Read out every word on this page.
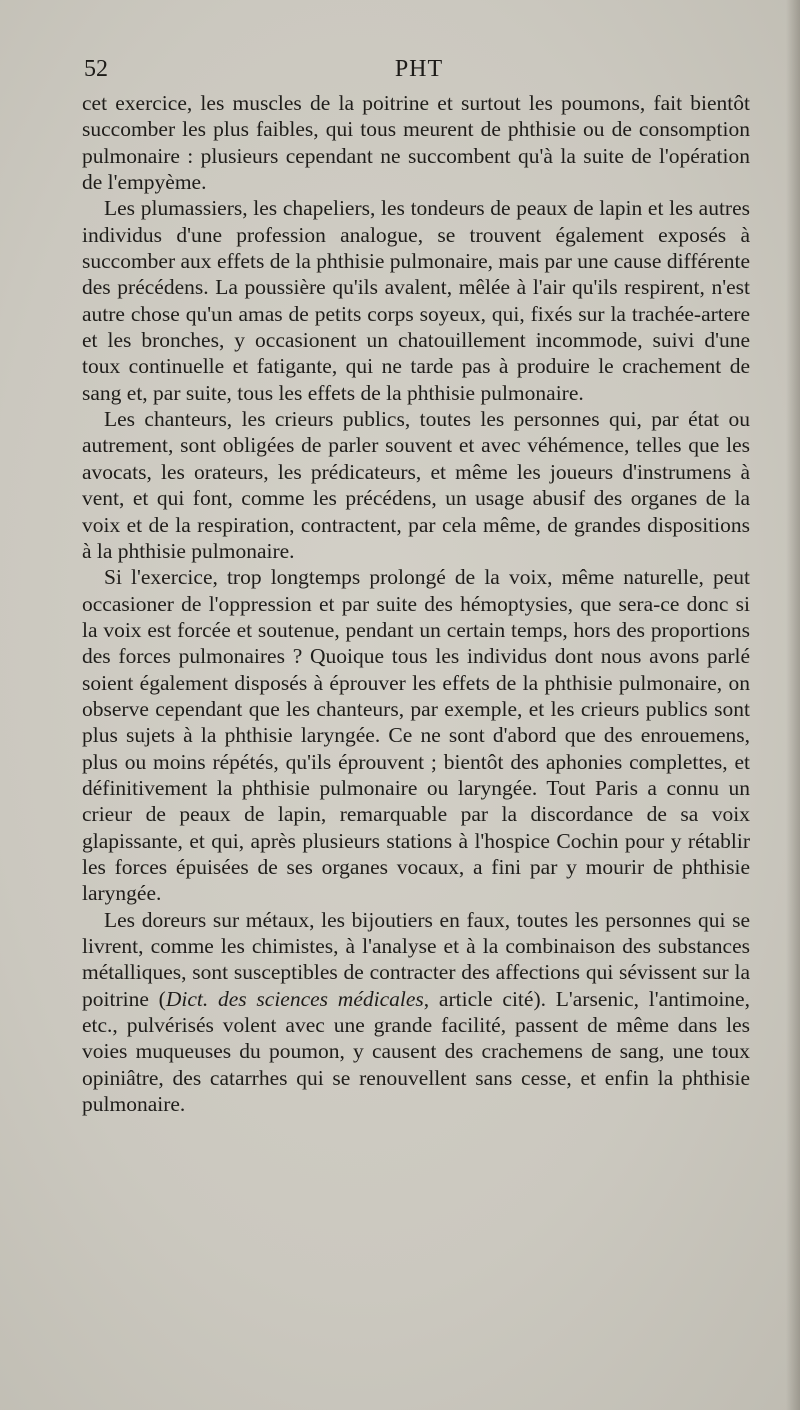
52	PHT

cet exercice, les muscles de la poitrine et surtout les poumons, fait bientôt succomber les plus faibles, qui tous meurent de phthisie ou de consomption pulmonaire : plusieurs cependant ne succombent qu'à la suite de l'opération de l'empyème.

Les plumassiers, les chapeliers, les tondeurs de peaux de lapin et les autres individus d'une profession analogue, se trouvent également exposés à succomber aux effets de la phthisie pulmonaire, mais par une cause différente des précédens. La poussière qu'ils avalent, mêlée à l'air qu'ils respirent, n'est autre chose qu'un amas de petits corps soyeux, qui, fixés sur la trachée-artere et les bronches, y occasionent un chatouillement incommode, suivi d'une toux continuelle et fatigante, qui ne tarde pas à produire le crachement de sang et, par suite, tous les effets de la phthisie pulmonaire.

Les chanteurs, les crieurs publics, toutes les personnes qui, par état ou autrement, sont obligées de parler souvent et avec véhémence, telles que les avocats, les orateurs, les prédicateurs, et même les joueurs d'instrumens à vent, et qui font, comme les précédens, un usage abusif des organes de la voix et de la respiration, contractent, par cela même, de grandes dispositions à la phthisie pulmonaire.

Si l'exercice, trop longtemps prolongé de la voix, même naturelle, peut occasioner de l'oppression et par suite des hémoptysies, que sera-ce donc si la voix est forcée et soutenue, pendant un certain temps, hors des proportions des forces pulmonaires ? Quoique tous les individus dont nous avons parlé soient également disposés à éprouver les effets de la phthisie pulmonaire, on observe cependant que les chanteurs, par exemple, et les crieurs publics sont plus sujets à la phthisie laryngée. Ce ne sont d'abord que des enrouemens, plus ou moins répétés, qu'ils éprouvent ; bientôt des aphonies complettes, et définitivement la phthisie pulmonaire ou laryngée. Tout Paris a connu un crieur de peaux de lapin, remarquable par la discordance de sa voix glapissante, et qui, après plusieurs stations à l'hospice Cochin pour y rétablir les forces épuisées de ses organes vocaux, a fini par y mourir de phthisie laryngée.

Les doreurs sur métaux, les bijoutiers en faux, toutes les personnes qui se livrent, comme les chimistes, à l'analyse et à la combinaison des substances métalliques, sont susceptibles de contracter des affections qui sévissent sur la poitrine (Dict. des sciences médicales, article cité). L'arsenic, l'antimoine, etc., pulvérisés volent avec une grande facilité, passent de même dans les voies muqueuses du poumon, y causent des crachemens de sang, une toux opiniâtre, des catarrhes qui se renouvellent sans cesse, et enfin la phthisie pulmonaire.
